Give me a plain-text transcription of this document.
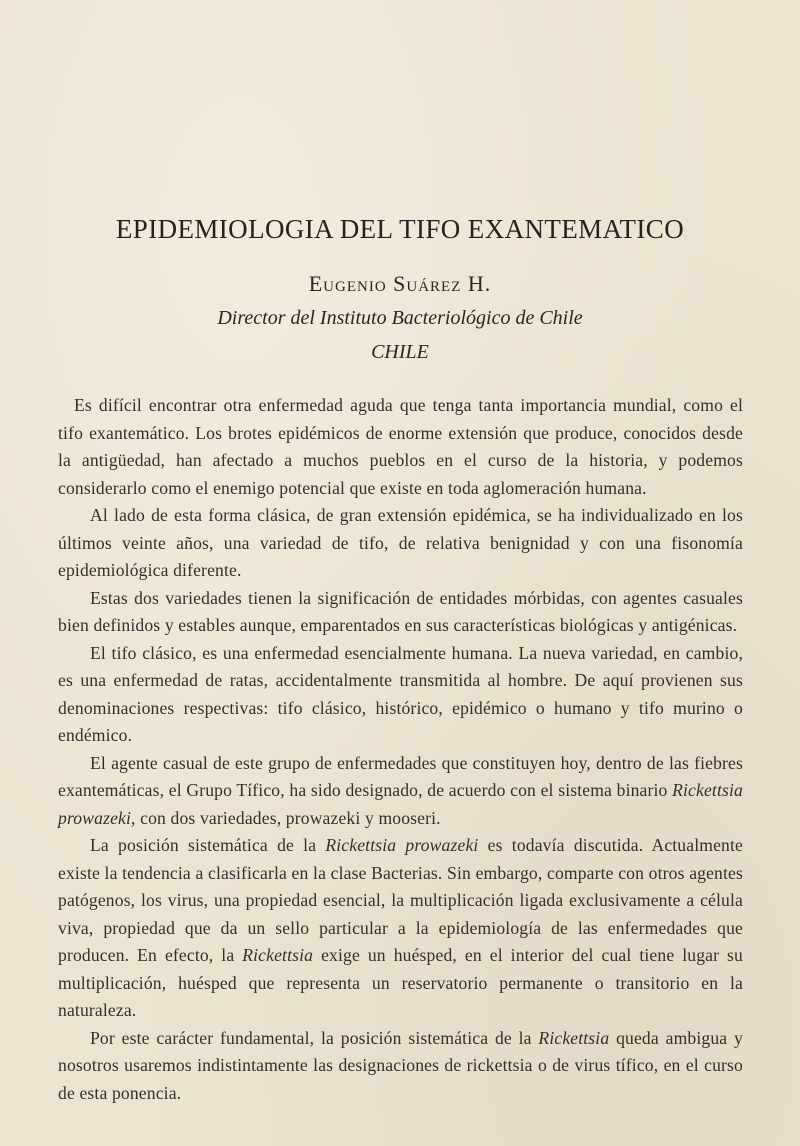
EPIDEMIOLOGIA DEL TIFO EXANTEMATICO
Eugenio Suárez H.
Director del Instituto Bacteriológico de Chile
CHILE

Es difícil encontrar otra enfermedad aguda que tenga tanta importancia mundial, como el tifo exantemático. Los brotes epidémicos de enorme extensión que produce, conocidos desde la antigüedad, han afectado a muchos pueblos en el curso de la historia, y podemos considerarlo como el enemigo potencial que existe en toda aglomeración humana.

Al lado de esta forma clásica, de gran extensión epidémica, se ha individualizado en los últimos veinte años, una variedad de tifo, de relativa benignidad y con una fisonomía epidemiológica diferente.

Estas dos variedades tienen la significación de entidades mórbidas, con agentes casuales bien definidos y estables aunque, emparentados en sus características biológicas y antigénicas.

El tifo clásico, es una enfermedad esencialmente humana. La nueva variedad, en cambio, es una enfermedad de ratas, accidentalmente transmitida al hombre. De aquí provienen sus denominaciones respectivas: tifo clásico, histórico, epidémico o humano y tifo murino o endémico.

El agente casual de este grupo de enfermedades que constituyen hoy, dentro de las fiebres exantemáticas, el Grupo Tífico, ha sido designado, de acuerdo con el sistema binario Rickettsia prowazeki, con dos variedades, prowazeki y mooseri.

La posición sistemática de la Rickettsia prowazeki es todavía discutida. Actualmente existe la tendencia a clasificarla en la clase Bacterias. Sin embargo, comparte con otros agentes patógenos, los virus, una propiedad esencial, la multiplicación ligada exclusivamente a célula viva, propiedad que da un sello particular a la epidemiología de las enfermedades que producen. En efecto, la Rickettsia exige un huésped, en el interior del cual tiene lugar su multiplicación, huésped que representa un reservatorio permanente o transitorio en la naturaleza.

Por este carácter fundamental, la posición sistemática de la Rickettsia queda ambigua y nosotros usaremos indistintamente las designaciones de rickettsia o de virus tífico, en el curso de esta ponencia.
